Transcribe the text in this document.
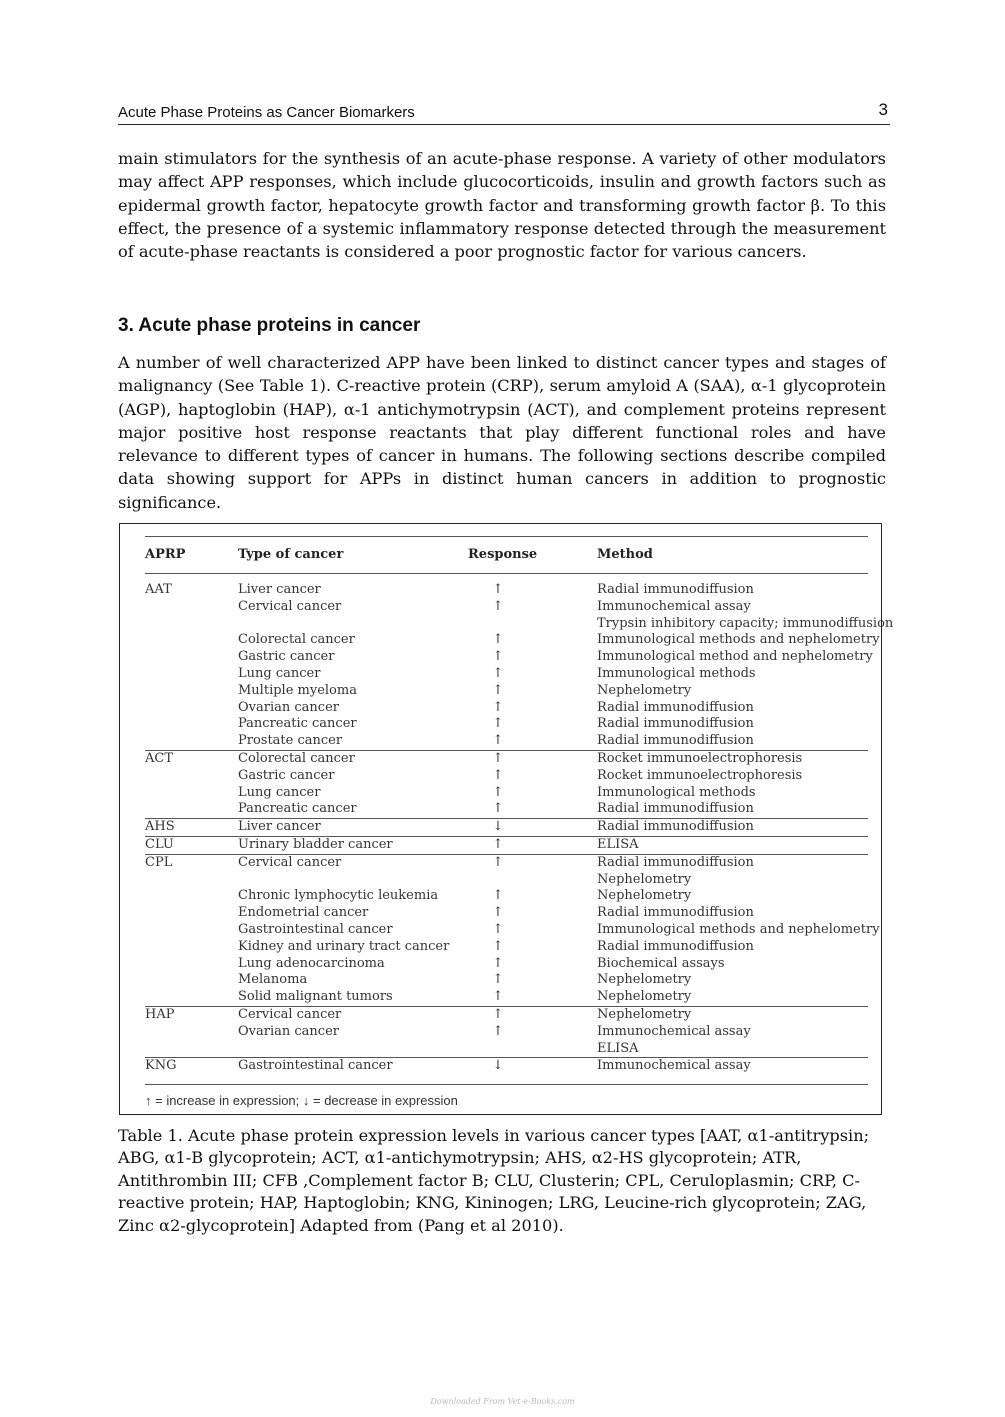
Acute Phase Proteins as Cancer Biomarkers	3

main stimulators for the synthesis of an acute-phase response. A variety of other modulators may affect APP responses, which include glucocorticoids, insulin and growth factors such as epidermal growth factor, hepatocyte growth factor and transforming growth factor β. To this effect, the presence of a systemic inflammatory response detected through the measurement of acute-phase reactants is considered a poor prognostic factor for various cancers.

3. Acute phase proteins in cancer

A number of well characterized APP have been linked to distinct cancer types and stages of malignancy (See Table 1). C-reactive protein (CRP), serum amyloid A (SAA), α-1 glycoprotein (AGP), haptoglobin (HAP), α-1 antichymotrypsin (ACT), and complement proteins represent major positive host response reactants that play different functional roles and have relevance to different types of cancer in humans. The following sections describe compiled data showing support for APPs in distinct human cancers in addition to prognostic significance.

APRP	Type of cancer	Response	Method
AAT	Liver cancer	↑	Radial immunodiffusion
Cervical cancer	↑	Immunochemical assay
Trypsin inhibitory capacity; immunodiffusion
Colorectal cancer	↑	Immunological methods and nephelometry
Gastric cancer	↑	Immunological method and nephelometry
Lung cancer	↑	Immunological methods
Multiple myeloma	↑	Nephelometry
Ovarian cancer	↑	Radial immunodiffusion
Pancreatic cancer	↑	Radial immunodiffusion
Prostate cancer	↑	Radial immunodiffusion
ACT	Colorectal cancer	↑	Rocket immunoelectrophoresis
Gastric cancer	↑	Rocket immunoelectrophoresis
Lung cancer	↑	Immunological methods
Pancreatic cancer	↑	Radial immunodiffusion
AHS	Liver cancer	↓	Radial immunodiffusion
CLU	Urinary bladder cancer	↑	ELISA
CPL	Cervical cancer	↑	Radial immunodiffusion
Nephelometry
Chronic lymphocytic leukemia	↑	Nephelometry
Endometrial cancer	↑	Radial immunodiffusion
Gastrointestinal cancer	↑	Immunological methods and nephelometry
Kidney and urinary tract cancer	↑	Radial immunodiffusion
Lung adenocarcinoma	↑	Biochemical assays
Melanoma	↑	Nephelometry
Solid malignant tumors	↑	Nephelometry
HAP	Cervical cancer	↑	Nephelometry
Ovarian cancer	↑	Immunochemical assay
ELISA
KNG	Gastrointestinal cancer	↓	Immunochemical assay
↑ = increase in expression; ↓ = decrease in expression

Table 1. Acute phase protein expression levels in various cancer types [AAT, α1-antitrypsin; ABG, α1-B glycoprotein; ACT, α1-antichymotrypsin; AHS, α2-HS glycoprotein; ATR, Antithrombin III; CFB ,Complement factor B; CLU, Clusterin; CPL, Ceruloplasmin; CRP, C-reactive protein; HAP, Haptoglobin; KNG, Kininogen; LRG, Leucine-rich glycoprotein; ZAG, Zinc α2-glycoprotein] Adapted from (Pang et al 2010).

Downloaded From Vet-e-Books.com
